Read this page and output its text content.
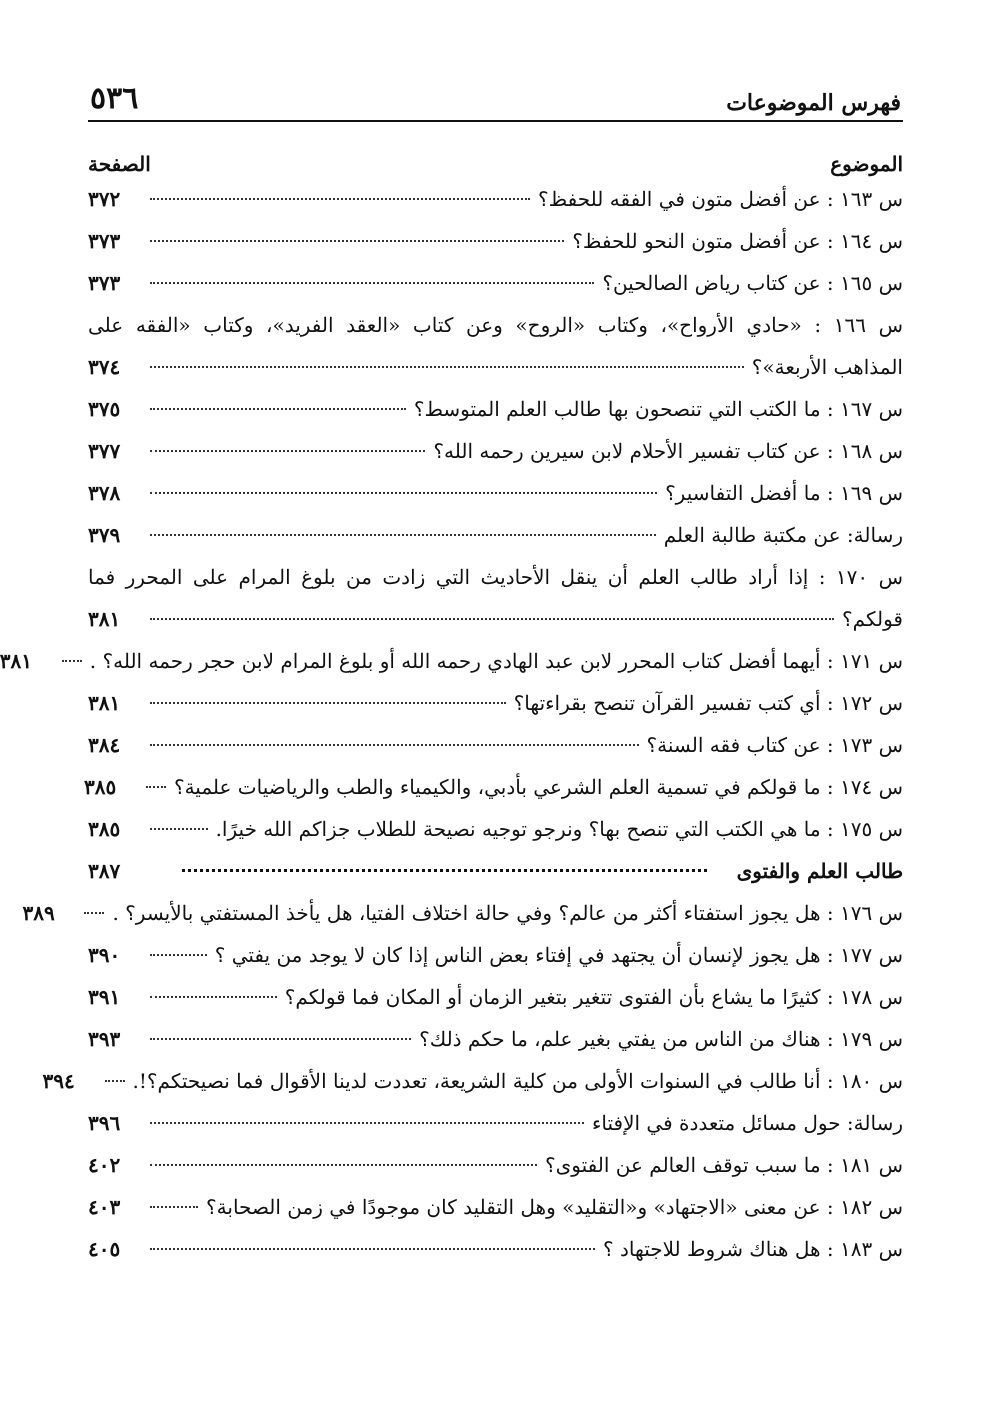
فهرس الموضوعات
٥٣٦
الموضوع
الصفحة
س ١٦٣ : عن أفضل متون في الفقه للحفظ؟
٣٧٢
س ١٦٤ : عن أفضل متون النحو للحفظ؟
٣٧٣
س ١٦٥ : عن كتاب رياض الصالحين؟
٣٧٣
س ١٦٦ : «حادي الأرواح»، وكتاب «الروح» وعن كتاب «العقد الفريد»، وكتاب «الفقه على
المذاهب الأربعة»؟
٣٧٤
س ١٦٧ : ما الكتب التي تنصحون بها طالب العلم المتوسط؟
٣٧٥
س ١٦٨ : عن كتاب تفسير الأحلام لابن سيرين رحمه الله؟
٣٧٧
س ١٦٩ : ما أفضل التفاسير؟
٣٧٨
رسالة: عن مكتبة طالبة العلم
٣٧٩
س ١٧٠ : إذا أراد طالب العلم أن ينقل الأحاديث التي زادت من بلوغ المرام على المحرر فما
قولكم؟
٣٨١
س ١٧١ : أيهما أفضل كتاب المحرر لابن عبد الهادي رحمه الله أو بلوغ المرام لابن حجر رحمه الله؟ .
٣٨١
س ١٧٢ : أي كتب تفسير القرآن تنصح بقراءتها؟
٣٨١
س ١٧٣ : عن كتاب فقه السنة؟
٣٨٤
س ١٧٤ : ما قولكم في تسمية العلم الشرعي بأدبي، والكيمياء والطب والرياضيات علمية؟
٣٨٥
س ١٧٥ : ما هي الكتب التي تنصح بها؟ ونرجو توجيه نصيحة للطلاب جزاكم الله خيرًا.
٣٨٥
طالب العلم والفتوى
٣٨٧
س ١٧٦ : هل يجوز استفتاء أكثر من عالم؟ وفي حالة اختلاف الفتيا، هل يأخذ المستفتي بالأيسر؟ .
٣٨٩
س ١٧٧ : هل يجوز لإنسان أن يجتهد في إفتاء بعض الناس إذا كان لا يوجد من يفتي ؟
٣٩٠
س ١٧٨ : كثيرًا ما يشاع بأن الفتوى تتغير بتغير الزمان أو المكان فما قولكم؟
٣٩١
س ١٧٩ : هناك من الناس من يفتي بغير علم، ما حكم ذلك؟
٣٩٣
س ١٨٠ : أنا طالب في السنوات الأولى من كلية الشريعة، تعددت لدينا الأقوال فما نصيحتكم؟!.
٣٩٤
رسالة: حول مسائل متعددة في الإفتاء
٣٩٦
س ١٨١ : ما سبب توقف العالم عن الفتوى؟
٤٠٢
س ١٨٢ : عن معنى «الاجتهاد» و«التقليد» وهل التقليد كان موجودًا في زمن الصحابة؟
٤٠٣
س ١٨٣ : هل هناك شروط للاجتهاد ؟
٤٠٥
